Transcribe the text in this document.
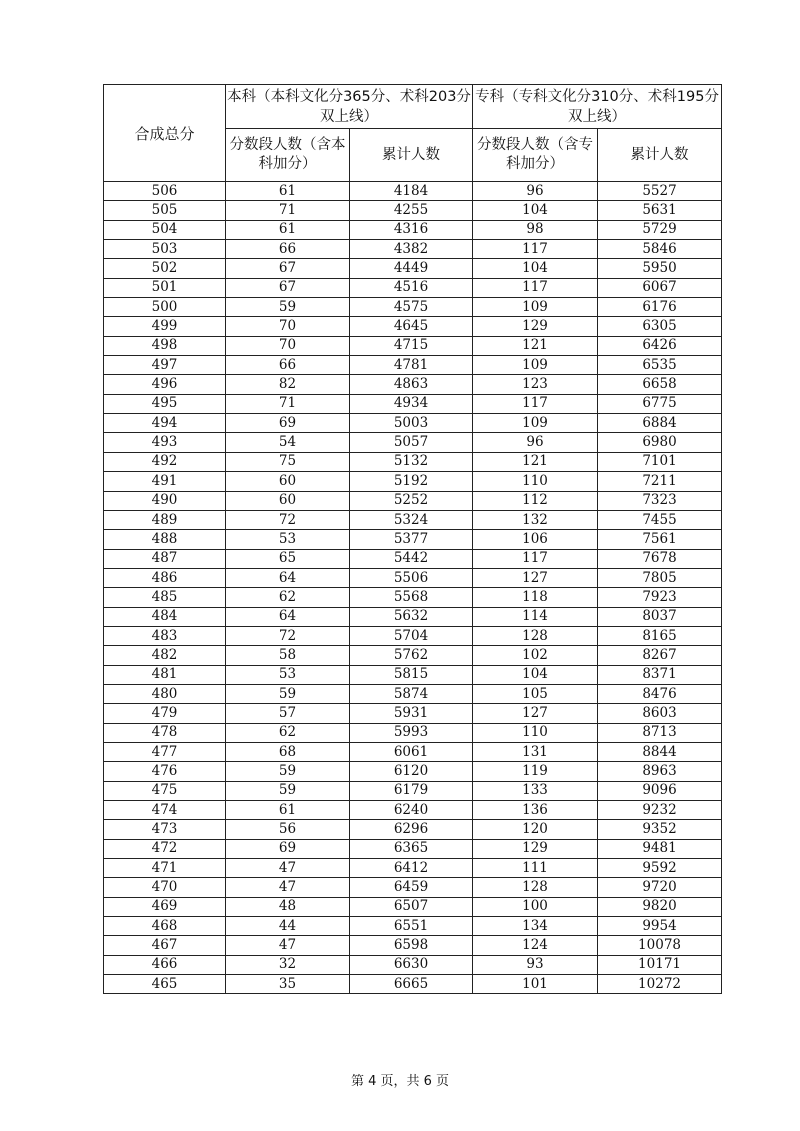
合成总分	本科（本科文化分365分、术科203分双上线）		专科（专科文化分310分、术科195分双上线）	
	分数段人数（含本科加分）	累计人数	分数段人数（含专科加分）	累计人数
506	61	4184	96	5527
505	71	4255	104	5631
504	61	4316	98	5729
503	66	4382	117	5846
502	67	4449	104	5950
501	67	4516	117	6067
500	59	4575	109	6176
499	70	4645	129	6305
498	70	4715	121	6426
497	66	4781	109	6535
496	82	4863	123	6658
495	71	4934	117	6775
494	69	5003	109	6884
493	54	5057	96	6980
492	75	5132	121	7101
491	60	5192	110	7211
490	60	5252	112	7323
489	72	5324	132	7455
488	53	5377	106	7561
487	65	5442	117	7678
486	64	5506	127	7805
485	62	5568	118	7923
484	64	5632	114	8037
483	72	5704	128	8165
482	58	5762	102	8267
481	53	5815	104	8371
480	59	5874	105	8476
479	57	5931	127	8603
478	62	5993	110	8713
477	68	6061	131	8844
476	59	6120	119	8963
475	59	6179	133	9096
474	61	6240	136	9232
473	56	6296	120	9352
472	69	6365	129	9481
471	47	6412	111	9592
470	47	6459	128	9720
469	48	6507	100	9820
468	44	6551	134	9954
467	47	6598	124	10078
466	32	6630	93	10171
465	35	6665	101	10272
第 4 页，共 6 页
